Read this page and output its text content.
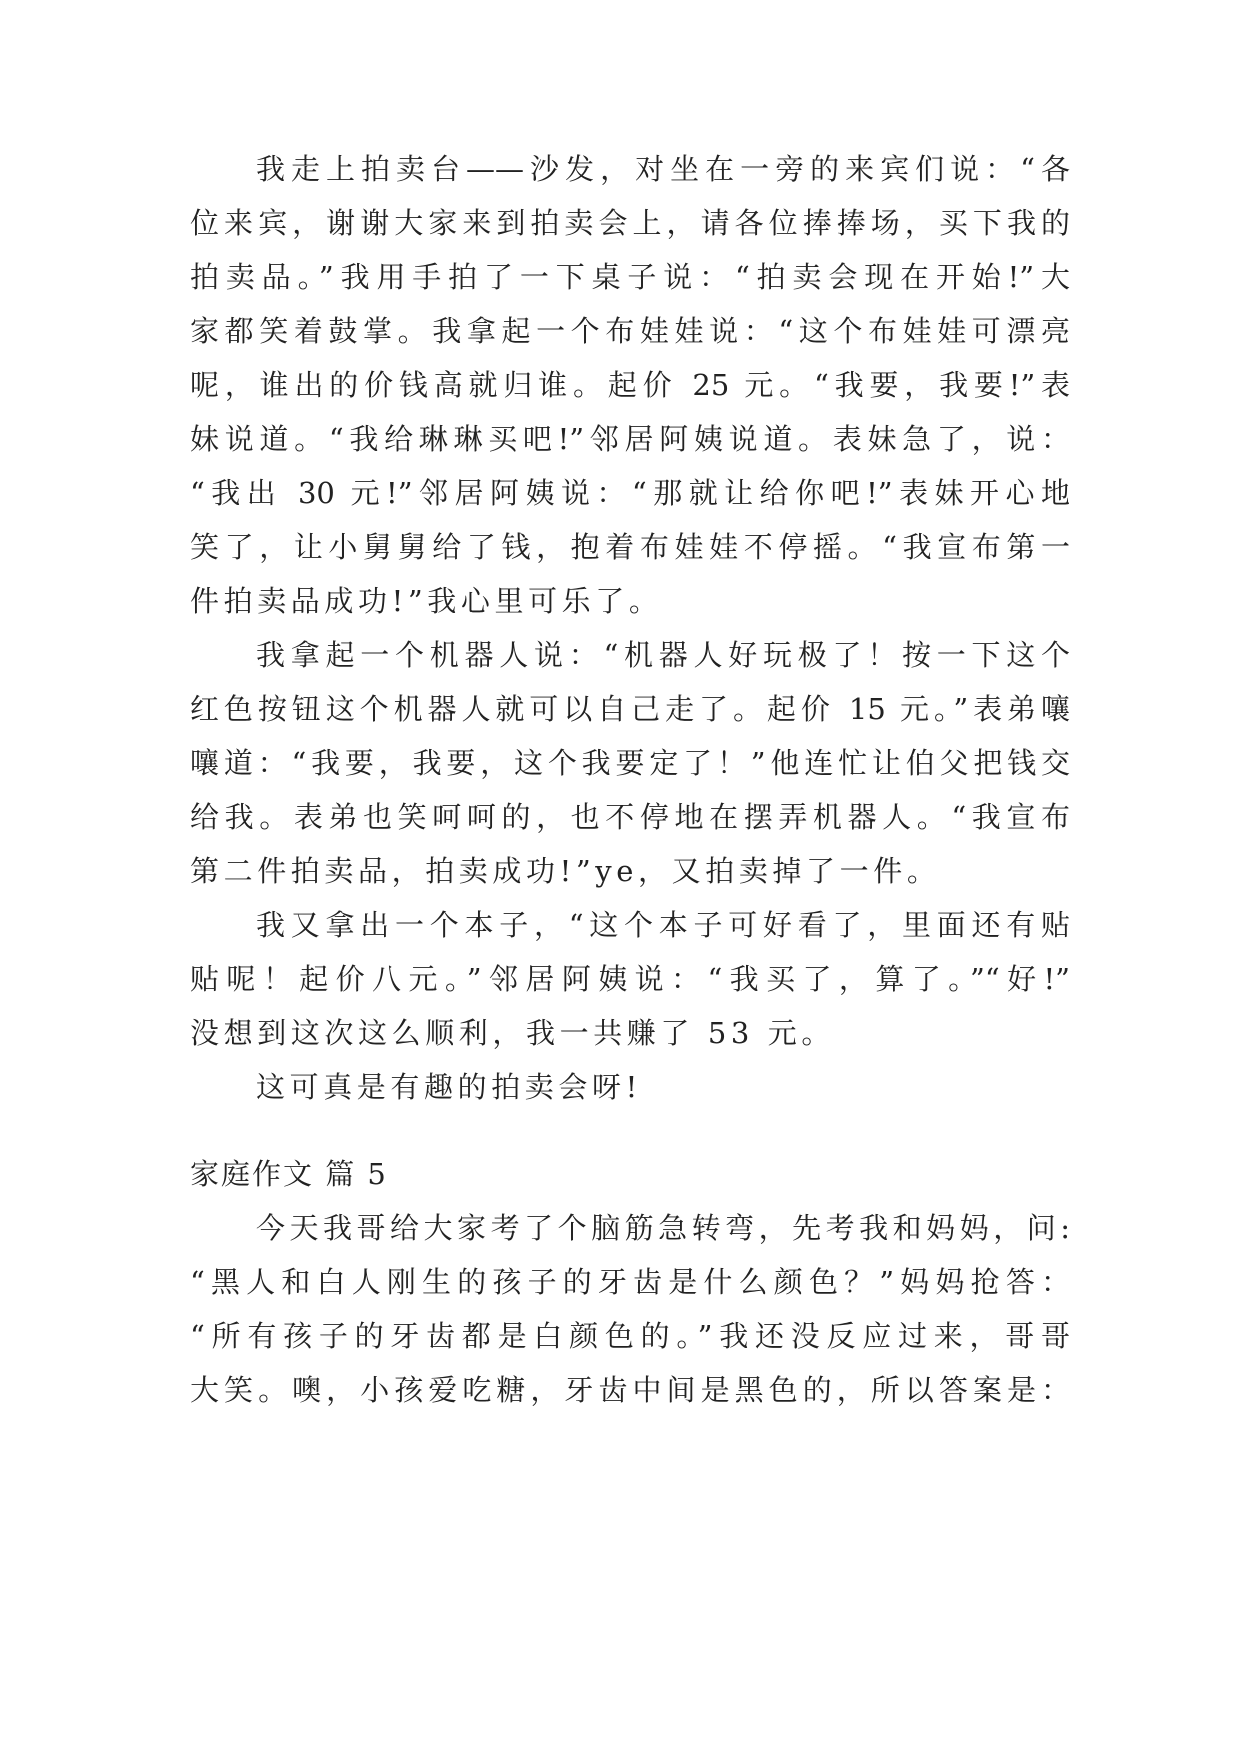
我走上拍卖台——沙发，对坐在一旁的来宾们说：“各

位来宾，谢谢大家来到拍卖会上，请各位捧捧场，买下我的

拍卖品。”我用手拍了一下桌子说：“拍卖会现在开始!”大

家都笑着鼓掌。我拿起一个布娃娃说：“这个布娃娃可漂亮

呢，谁出的价钱高就归谁。起价 25 元。“我要，我要!”表

妹说道。“我给琳琳买吧!”邻居阿姨说道。表妹急了，说：

“我出 30 元!”邻居阿姨说：“那就让给你吧!”表妹开心地

笑了，让小舅舅给了钱，抱着布娃娃不停摇。“我宣布第一

件拍卖品成功!”我心里可乐了。

我拿起一个机器人说：“机器人好玩极了！按一下这个

红色按钮这个机器人就可以自己走了。起价 15 元。”表弟嚷

嚷道：“我要，我要，这个我要定了！”他连忙让伯父把钱交

给我。表弟也笑呵呵的，也不停地在摆弄机器人。“我宣布

第二件拍卖品，拍卖成功!”ye，又拍卖掉了一件。

我又拿出一个本子，“这个本子可好看了，里面还有贴

贴呢！起价八元。”邻居阿姨说：“我买了，算了。”“好!”

没想到这次这么顺利，我一共赚了 53 元。

这可真是有趣的拍卖会呀!

家庭作文 篇 5

今天我哥给大家考了个脑筋急转弯，先考我和妈妈，问:

“黑人和白人刚生的孩子的牙齿是什么颜色？”妈妈抢答：

“所有孩子的牙齿都是白颜色的。”我还没反应过来，哥哥

大笑。噢，小孩爱吃糖，牙齿中间是黑色的，所以答案是：
